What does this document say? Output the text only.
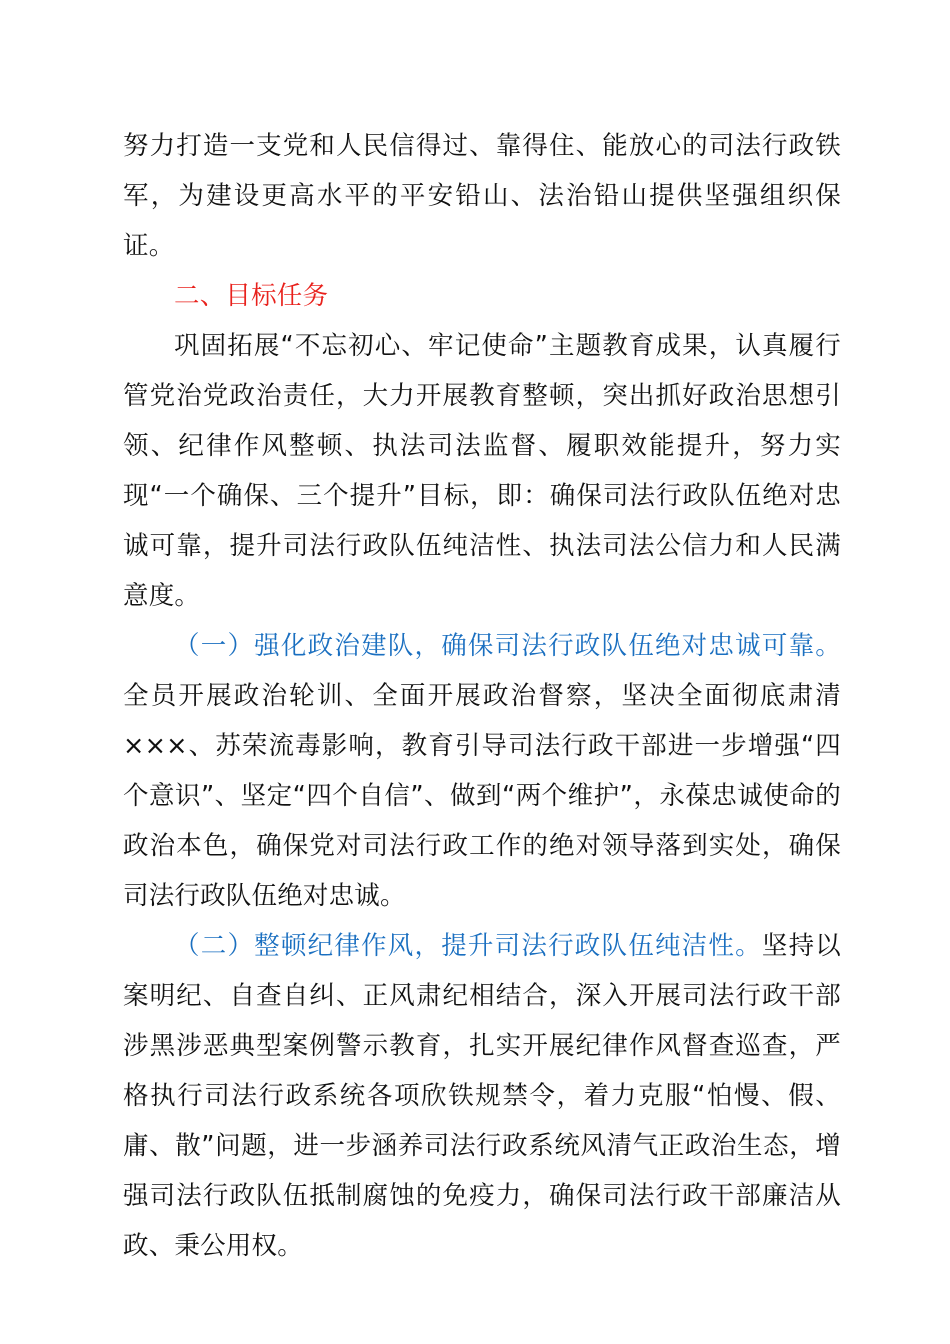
努力打造一支党和人民信得过、靠得住、能放心的司法行政铁军，为建设更高水平的平安铅山、法治铅山提供坚强组织保证。

二、目标任务

巩固拓展“不忘初心、牢记使命”主题教育成果，认真履行管党治党政治责任，大力开展教育整顿，突出抓好政治思想引领、纪律作风整顿、执法司法监督、履职效能提升，努力实现“一个确保、三个提升”目标，即：确保司法行政队伍绝对忠诚可靠，提升司法行政队伍纯洁性、执法司法公信力和人民满意度。

（一）强化政治建队，确保司法行政队伍绝对忠诚可靠。全员开展政治轮训、全面开展政治督察，坚决全面彻底肃清×××、苏荣流毒影响，教育引导司法行政干部进一步增强“四个意识”、坚定“四个自信”、做到“两个维护”，永葆忠诚使命的政治本色，确保党对司法行政工作的绝对领导落到实处，确保司法行政队伍绝对忠诚。

（二）整顿纪律作风，提升司法行政队伍纯洁性。坚持以案明纪、自查自纠、正风肃纪相结合，深入开展司法行政干部涉黑涉恶典型案例警示教育，扎实开展纪律作风督查巡查，严格执行司法行政系统各项欣铁规禁令，着力克服“怕慢、假、庸、散”问题，进一步涵养司法行政系统风清气正政治生态，增强司法行政队伍抵制腐蚀的免疫力，确保司法行政干部廉洁从政、秉公用权。
